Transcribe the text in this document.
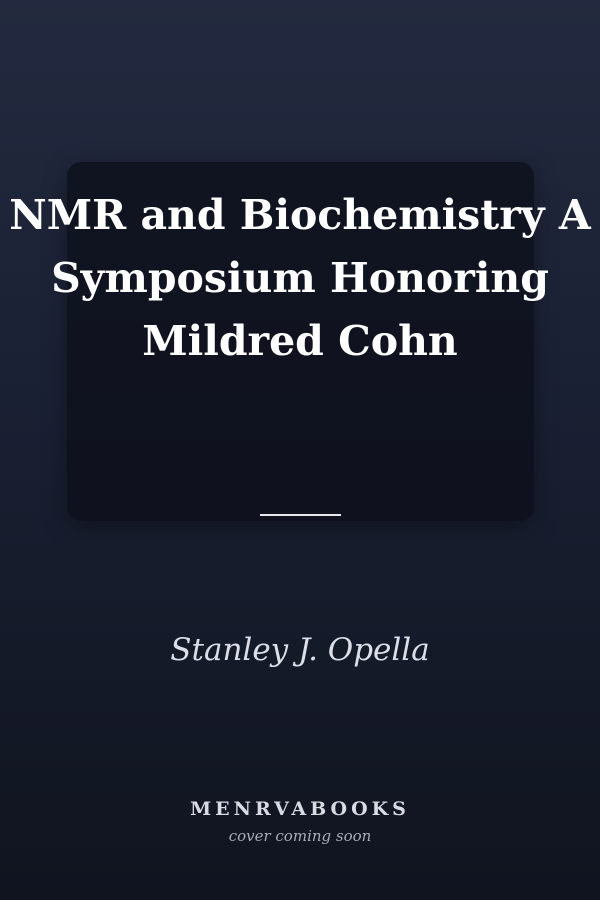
NMR and Biochemistry A Symposium Honoring Mildred Cohn
Stanley J. Opella
MENRVABOOKS
cover coming soon
